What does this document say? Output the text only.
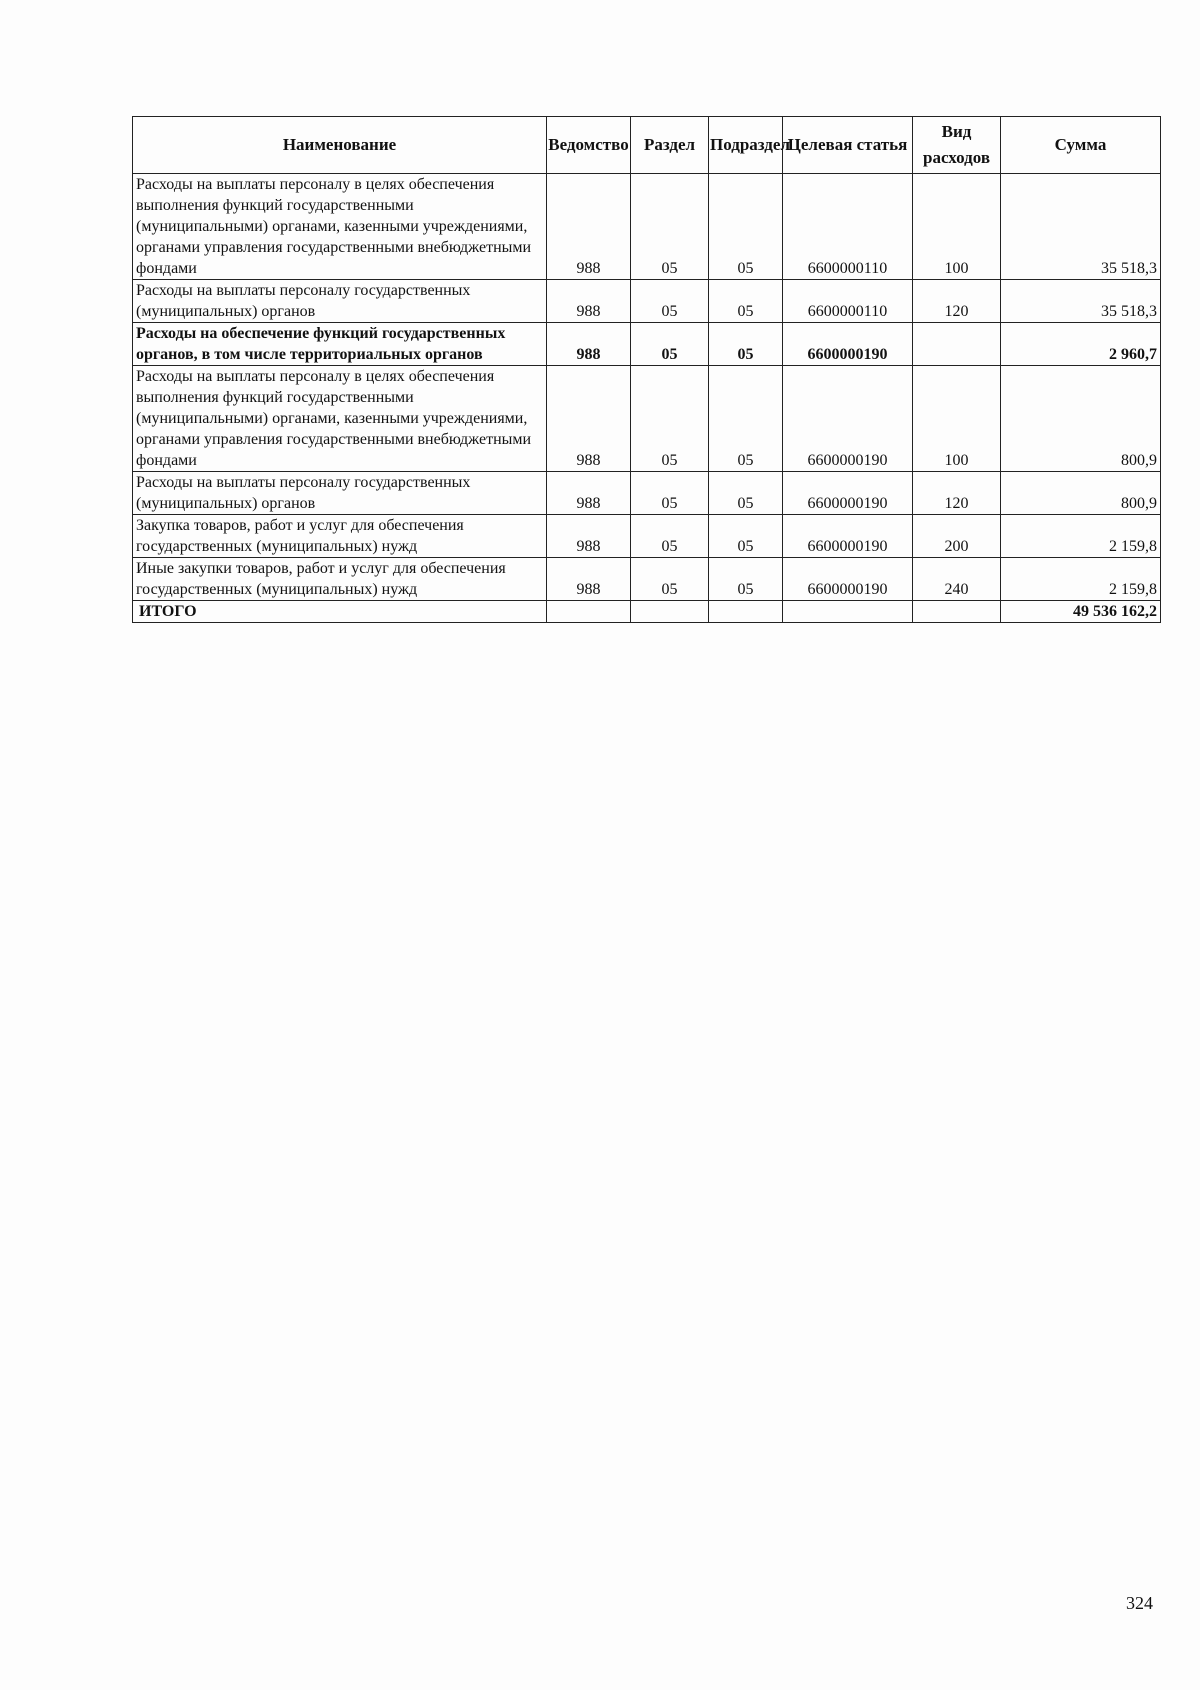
Наименование	Ведомство	Раздел	Подраздел	Целевая статья	Вид расходов	Сумма
Расходы на выплаты персоналу в целях обеспечения выполнения функций государственными (муниципальными) органами, казенными учреждениями, органами управления государственными внебюджетными фондами	988	05	05	6600000110	100	35 518,3
Расходы на выплаты персоналу государственных (муниципальных) органов	988	05	05	6600000110	120	35 518,3
Расходы на обеспечение функций государственных органов, в том числе территориальных органов	988	05	05	6600000190		2 960,7
Расходы на выплаты персоналу в целях обеспечения выполнения функций государственными (муниципальными) органами, казенными учреждениями, органами управления государственными внебюджетными фондами	988	05	05	6600000190	100	800,9
Расходы на выплаты персоналу государственных (муниципальных) органов	988	05	05	6600000190	120	800,9
Закупка товаров, работ и услуг для обеспечения государственных (муниципальных) нужд	988	05	05	6600000190	200	2 159,8
Иные закупки товаров, работ и услуг для обеспечения государственных (муниципальных) нужд	988	05	05	6600000190	240	2 159,8
ИТОГО						49 536 162,2
324
